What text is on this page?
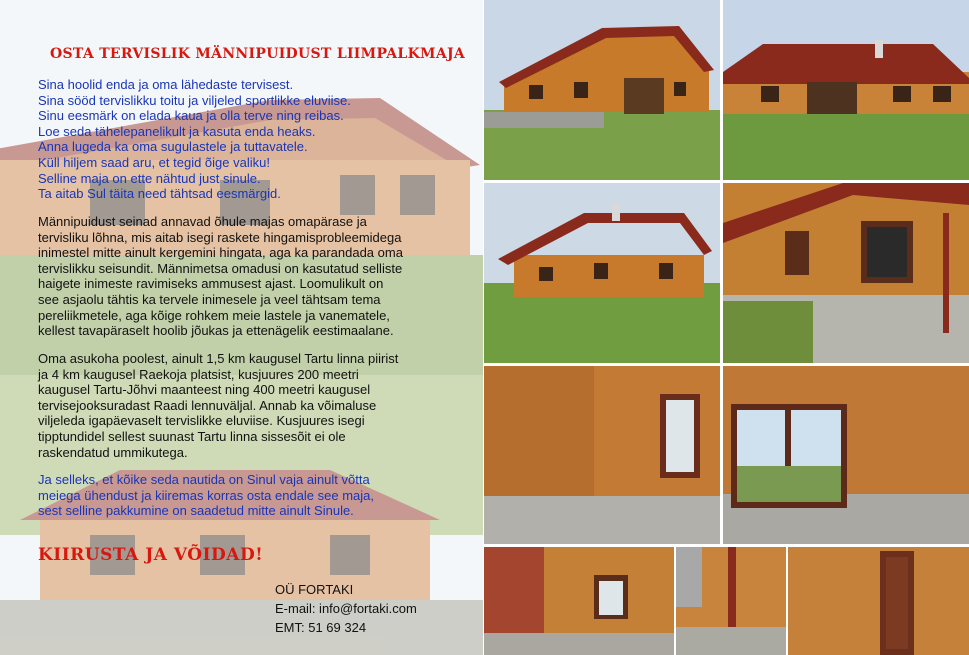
OSTA TERVISLIK MÄNNIPUIDUST LIIMPALKMAJA
Sina hoolid enda ja oma lähedaste tervisest.
Sina sööd tervislikku toitu ja viljeled sportlikke eluviise.
Sinu eesmärk on elada kaua ja olla terve ning reibas.
Loe seda tähelepanelikult ja kasuta enda heaks.
Anna lugeda ka oma sugulastele ja tuttavatele.
Küll hiljem saad aru, et tegid õige valiku!
Selline maja on ette nähtud just sinule.
Ta aitab Sul täita need tähtsad eesmärgid.

Männipuidust seinad annavad õhule majas omapärase ja
tervisliku lõhna, mis aitab isegi raskete hingamisprobleemidega
inimestel mitte ainult kergemini hingata, aga ka parandada oma
tervislikku seisundit. Männimetsa omadusi on kasutatud selliste
haigete inimeste ravimiseks ammusest ajast. Loomulikult on
see asjaolu tähtis ka tervele inimesele ja veel tähtsam tema
pereliikmetele, aga kõige rohkem meie lastele ja vanematele,
kellest tavapäraselt hoolib jõukas ja ettenägelik eestimaalane.

Oma asukoha poolest, ainult 1,5 km kaugusel Tartu linna piirist
ja 4 km kaugusel Raekoja platsist, kusjuures 200 meetri
kaugusel Tartu-Jõhvi maanteest ning 400 meetri kaugusel
tervisejooksuradast Raadi lennuväljal. Annab ka võimaluse
viljeleda igapäevaselt tervislikke eluviise. Kusjuures isegi
tipptundidel sellest suunast Tartu linna sissesõit ei ole
raskendatud ummikutega.

Ja selleks, et kõike seda nautida on Sinul vaja ainult võtta
meiega ühendust ja kiiremas korras osta endale see maja,
sest selline pakkumine on saadetud mitte ainult Sinule.

KIIRUSTA JA VÕIDAD!
OÜ FORTAKI
E-mail: info@fortaki.com
EMT: 51 69 324
